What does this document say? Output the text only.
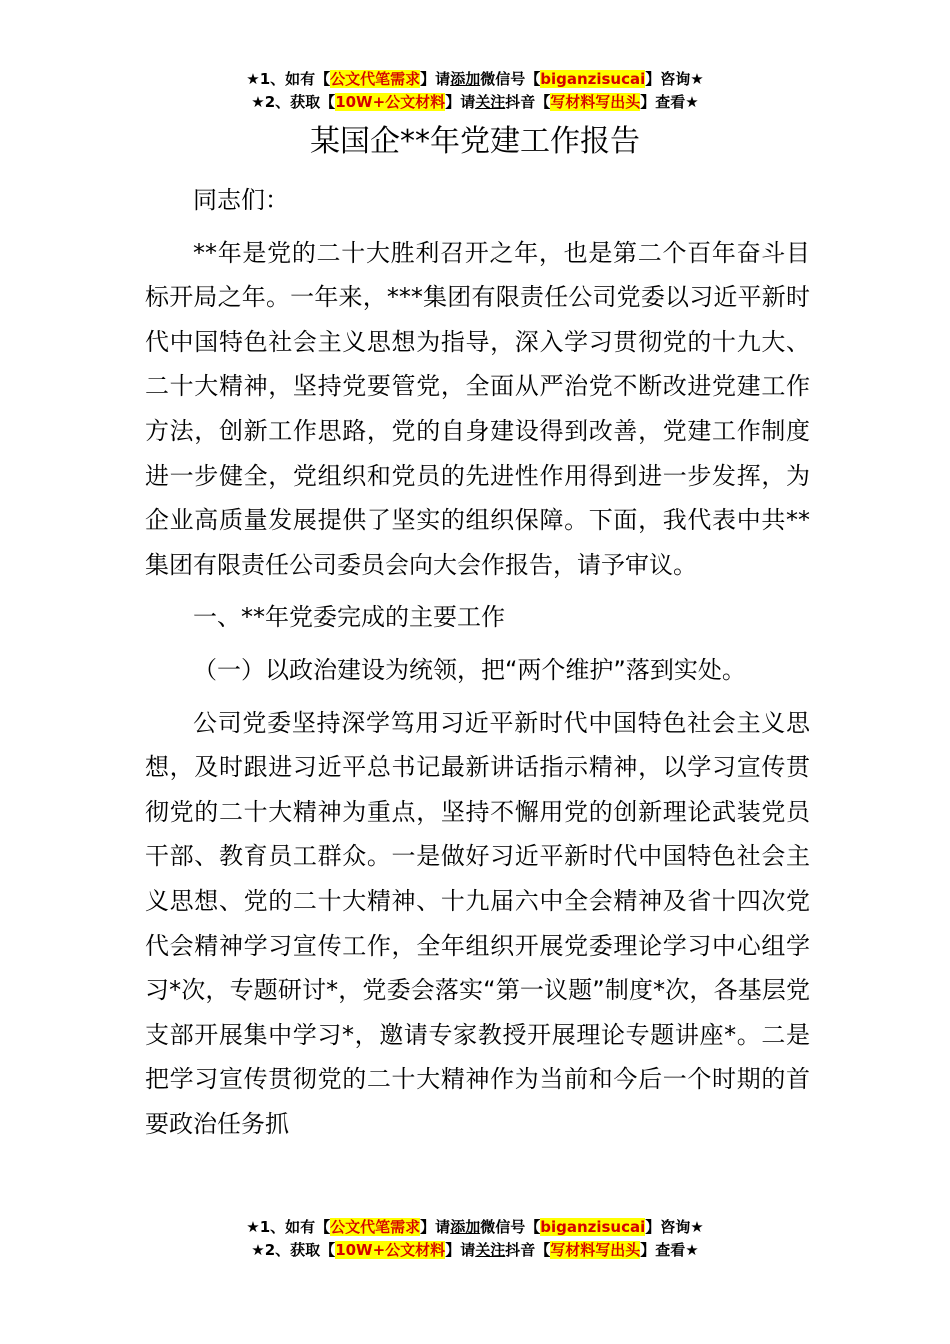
★1、如有【公文代笔需求】请添加微信号【biganzisucai】咨询★
★2、获取【10W+公文材料】请关注抖音【写材料写出头】查看★
某国企**年党建工作报告

同志们：

**年是党的二十大胜利召开之年，也是第二个百年奋斗目标开局之年。一年来，***集团有限责任公司党委以习近平新时代中国特色社会主义思想为指导，深入学习贯彻党的十九大、二十大精神，坚持党要管党，全面从严治党不断改进党建工作方法，创新工作思路，党的自身建设得到改善，党建工作制度进一步健全，党组织和党员的先进性作用得到进一步发挥，为企业高质量发展提供了坚实的组织保障。下面，我代表中共**集团有限责任公司委员会向大会作报告，请予审议。

一、**年党委完成的主要工作

（一）以政治建设为统领，把“两个维护”落到实处。

公司党委坚持深学笃用习近平新时代中国特色社会主义思想，及时跟进习近平总书记最新讲话指示精神，以学习宣传贯彻党的二十大精神为重点，坚持不懈用党的创新理论武装党员干部、教育员工群众。一是做好习近平新时代中国特色社会主义思想、党的二十大精神、十九届六中全会精神及省十四次党代会精神学习宣传工作，全年组织开展党委理论学习中心组学习*次，专题研讨*，党委会落实“第一议题”制度*次，各基层党支部开展集中学习*，邀请专家教授开展理论专题讲座*。二是把学习宣传贯彻党的二十大精神作为当前和今后一个时期的首要政治任务抓

★1、如有【公文代笔需求】请添加微信号【biganzisucai】咨询★
★2、获取【10W+公文材料】请关注抖音【写材料写出头】查看★
